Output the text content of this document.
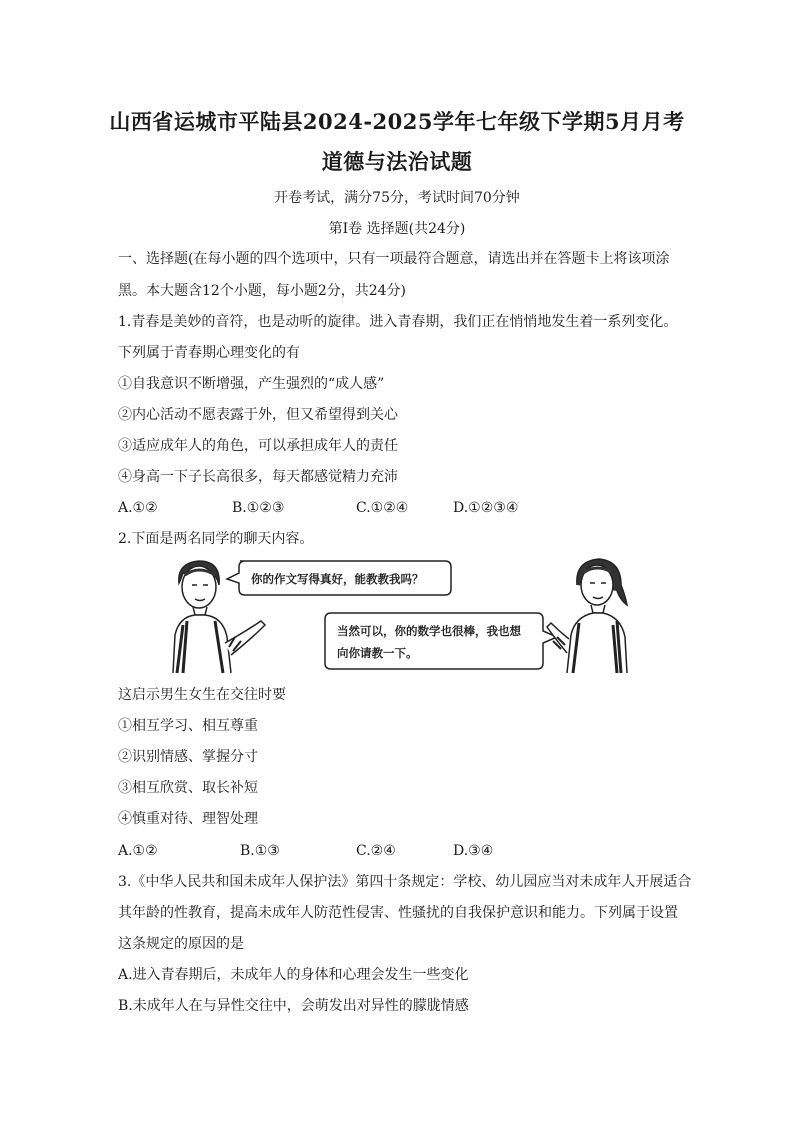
山西省运城市平陆县2024-2025学年七年级下学期5月月考
道德与法治试题
开卷考试，满分75分，考试时间70分钟
第Ⅰ卷 选择题(共24分)
一、选择题(在每小题的四个选项中，只有一项最符合题意，请选出并在答题卡上将该项涂
黑。本大题含12个小题，每小题2分，共24分)
1.青春是美妙的音符，也是动听的旋律。进入青春期，我们正在悄悄地发生着一系列变化。
下列属于青春期心理变化的有
①自我意识不断增强，产生强烈的“成人感”
②内心活动不愿表露于外，但又希望得到关心
③适应成年人的角色，可以承担成年人的责任
④身高一下子长高很多，每天都感觉精力充沛
A.①②	B.①②③	C.①②④	D.①②③④
2.下面是两名同学的聊天内容。
你的作文写得真好，能教教我吗？
当然可以，你的数学也很棒，我也想
向你请教一下。
这启示男生女生在交往时要
①相互学习、相互尊重
②识别情感、掌握分寸
③相互欣赏、取长补短
④慎重对待、理智处理
A.①②	B.①③	C.②④	D.③④
3.《中华人民共和国未成年人保护法》第四十条规定：学校、幼儿园应当对未成年人开展适合
其年龄的性教育，提高未成年人防范性侵害、性骚扰的自我保护意识和能力。下列属于设置
这条规定的原因的是
A.进入青春期后，未成年人的身体和心理会发生一些变化
B.未成年人在与异性交往中，会萌发出对异性的朦胧情感
